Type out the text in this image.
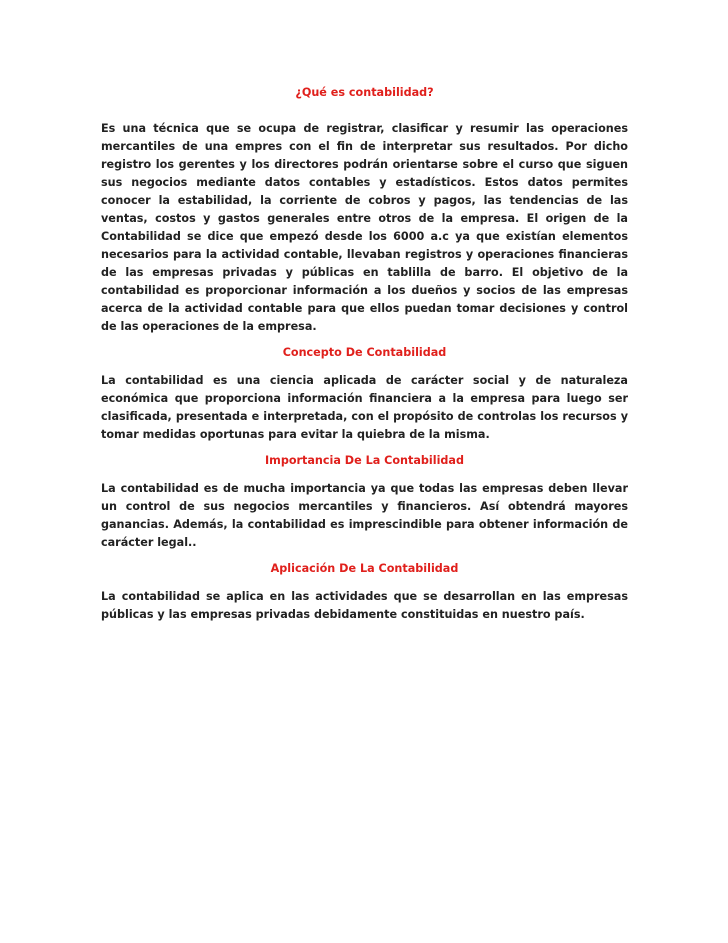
¿Qué es contabilidad?

Es una técnica que se ocupa de registrar, clasificar y resumir las operaciones mercantiles de una empres con el fin de interpretar sus resultados. Por dicho registro los gerentes y los directores podrán orientarse sobre el curso que siguen sus negocios mediante datos contables y estadísticos. Estos datos permites conocer la estabilidad, la corriente de cobros y pagos, las tendencias de las ventas, costos y gastos generales entre otros de la empresa. El origen de la Contabilidad se dice que empezó desde los 6000 a.c ya que existían elementos necesarios para la actividad contable, llevaban registros y operaciones financieras de las empresas privadas y públicas en tablilla de barro. El objetivo de la contabilidad es proporcionar información a los dueños y socios de las empresas acerca de la actividad contable para que ellos puedan tomar decisiones y control de las operaciones de la empresa.

Concepto De Contabilidad

La contabilidad es una ciencia aplicada de carácter social y de naturaleza económica que proporciona información financiera a la empresa para luego ser clasificada, presentada e interpretada, con el propósito de controlas los recursos y tomar medidas oportunas para evitar la quiebra de la misma.

Importancia De La Contabilidad

La contabilidad es de mucha importancia ya que todas las empresas deben llevar un control de sus negocios mercantiles y financieros. Así obtendrá mayores ganancias. Además, la contabilidad es imprescindible para obtener información de carácter legal..

Aplicación De La Contabilidad

La contabilidad se aplica en las actividades que se desarrollan en las empresas públicas y las empresas privadas debidamente constituidas en nuestro país.
